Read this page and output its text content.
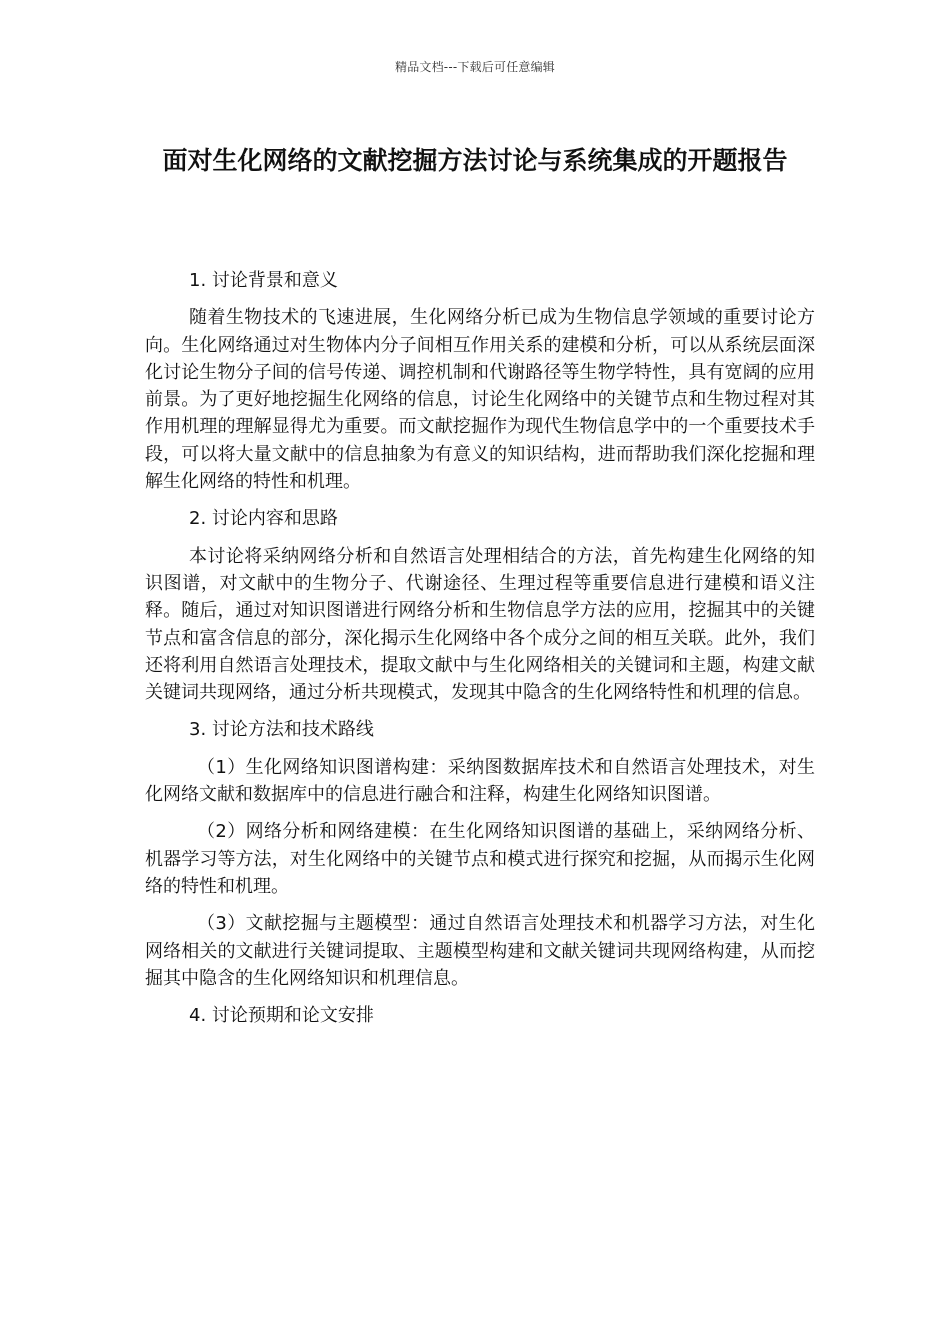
精品文档---下载后可任意编辑
面对生化网络的文献挖掘方法讨论与系统集成的开题报告

1. 讨论背景和意义

随着生物技术的飞速进展，生化网络分析已成为生物信息学领域的重要讨论方向。生化网络通过对生物体内分子间相互作用关系的建模和分析，可以从系统层面深化讨论生物分子间的信号传递、调控机制和代谢路径等生物学特性，具有宽阔的应用前景。为了更好地挖掘生化网络的信息，讨论生化网络中的关键节点和生物过程对其作用机理的理解显得尤为重要。而文献挖掘作为现代生物信息学中的一个重要技术手段，可以将大量文献中的信息抽象为有意义的知识结构，进而帮助我们深化挖掘和理解生化网络的特性和机理。

2. 讨论内容和思路

本讨论将采纳网络分析和自然语言处理相结合的方法，首先构建生化网络的知识图谱，对文献中的生物分子、代谢途径、生理过程等重要信息进行建模和语义注释。随后，通过对知识图谱进行网络分析和生物信息学方法的应用，挖掘其中的关键节点和富含信息的部分，深化揭示生化网络中各个成分之间的相互关联。此外，我们还将利用自然语言处理技术，提取文献中与生化网络相关的关键词和主题，构建文献关键词共现网络，通过分析共现模式，发现其中隐含的生化网络特性和机理的信息。

3. 讨论方法和技术路线

（1）生化网络知识图谱构建：采纳图数据库技术和自然语言处理技术，对生化网络文献和数据库中的信息进行融合和注释，构建生化网络知识图谱。

（2）网络分析和网络建模：在生化网络知识图谱的基础上，采纳网络分析、机器学习等方法，对生化网络中的关键节点和模式进行探究和挖掘，从而揭示生化网络的特性和机理。

（3）文献挖掘与主题模型：通过自然语言处理技术和机器学习方法，对生化网络相关的文献进行关键词提取、主题模型构建和文献关键词共现网络构建，从而挖掘其中隐含的生化网络知识和机理信息。

4. 讨论预期和论文安排
